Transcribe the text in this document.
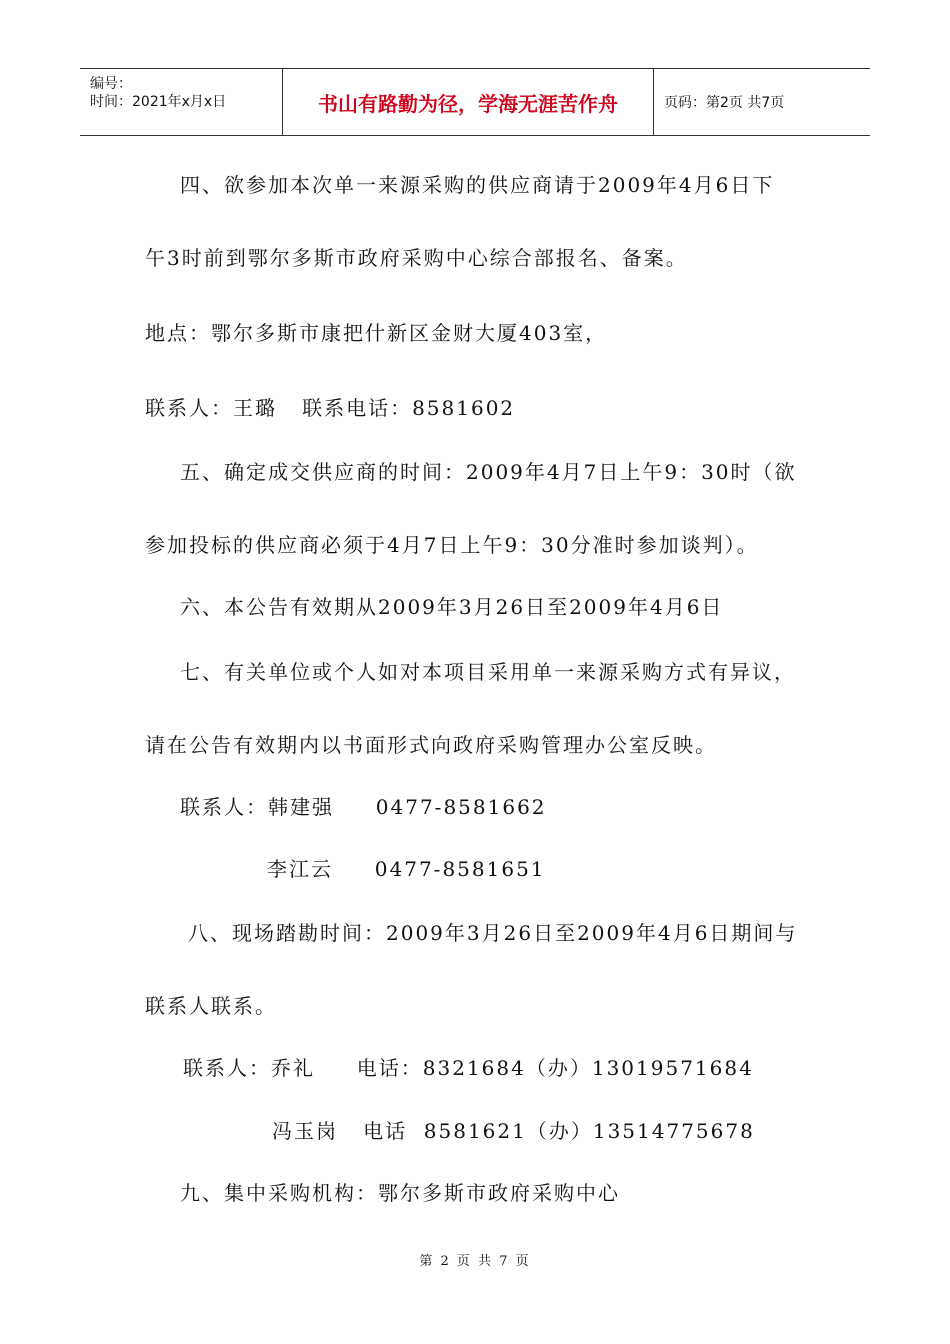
编号：
时间：2021年x月x日	书山有路勤为径，学海无涯苦作舟	页码：第2页 共7页
四、欲参加本次单一来源采购的供应商请于2009年4月6日下
午3时前到鄂尔多斯市政府采购中心综合部报名、备案。
地点：鄂尔多斯市康把什新区金财大厦403室，
联系人：王璐   联系电话：8581602
五、确定成交供应商的时间：2009年4月7日上午9：30时（欲
参加投标的供应商必须于4月7日上午9：30分准时参加谈判）。
六、本公告有效期从2009年3月26日至2009年4月6日
七、有关单位或个人如对本项目采用单一来源采购方式有异议，
请在公告有效期内以书面形式向政府采购管理办公室反映。
联系人：韩建强     0477-8581662
李江云     0477-8581651
八、现场踏勘时间：2009年3月26日至2009年4月6日期间与
联系人联系。
联系人：乔礼     电话：8321684（办）13019571684
冯玉岗   电话  8581621（办）13514775678
九、集中采购机构：鄂尔多斯市政府采购中心
第 2 页 共 7 页
